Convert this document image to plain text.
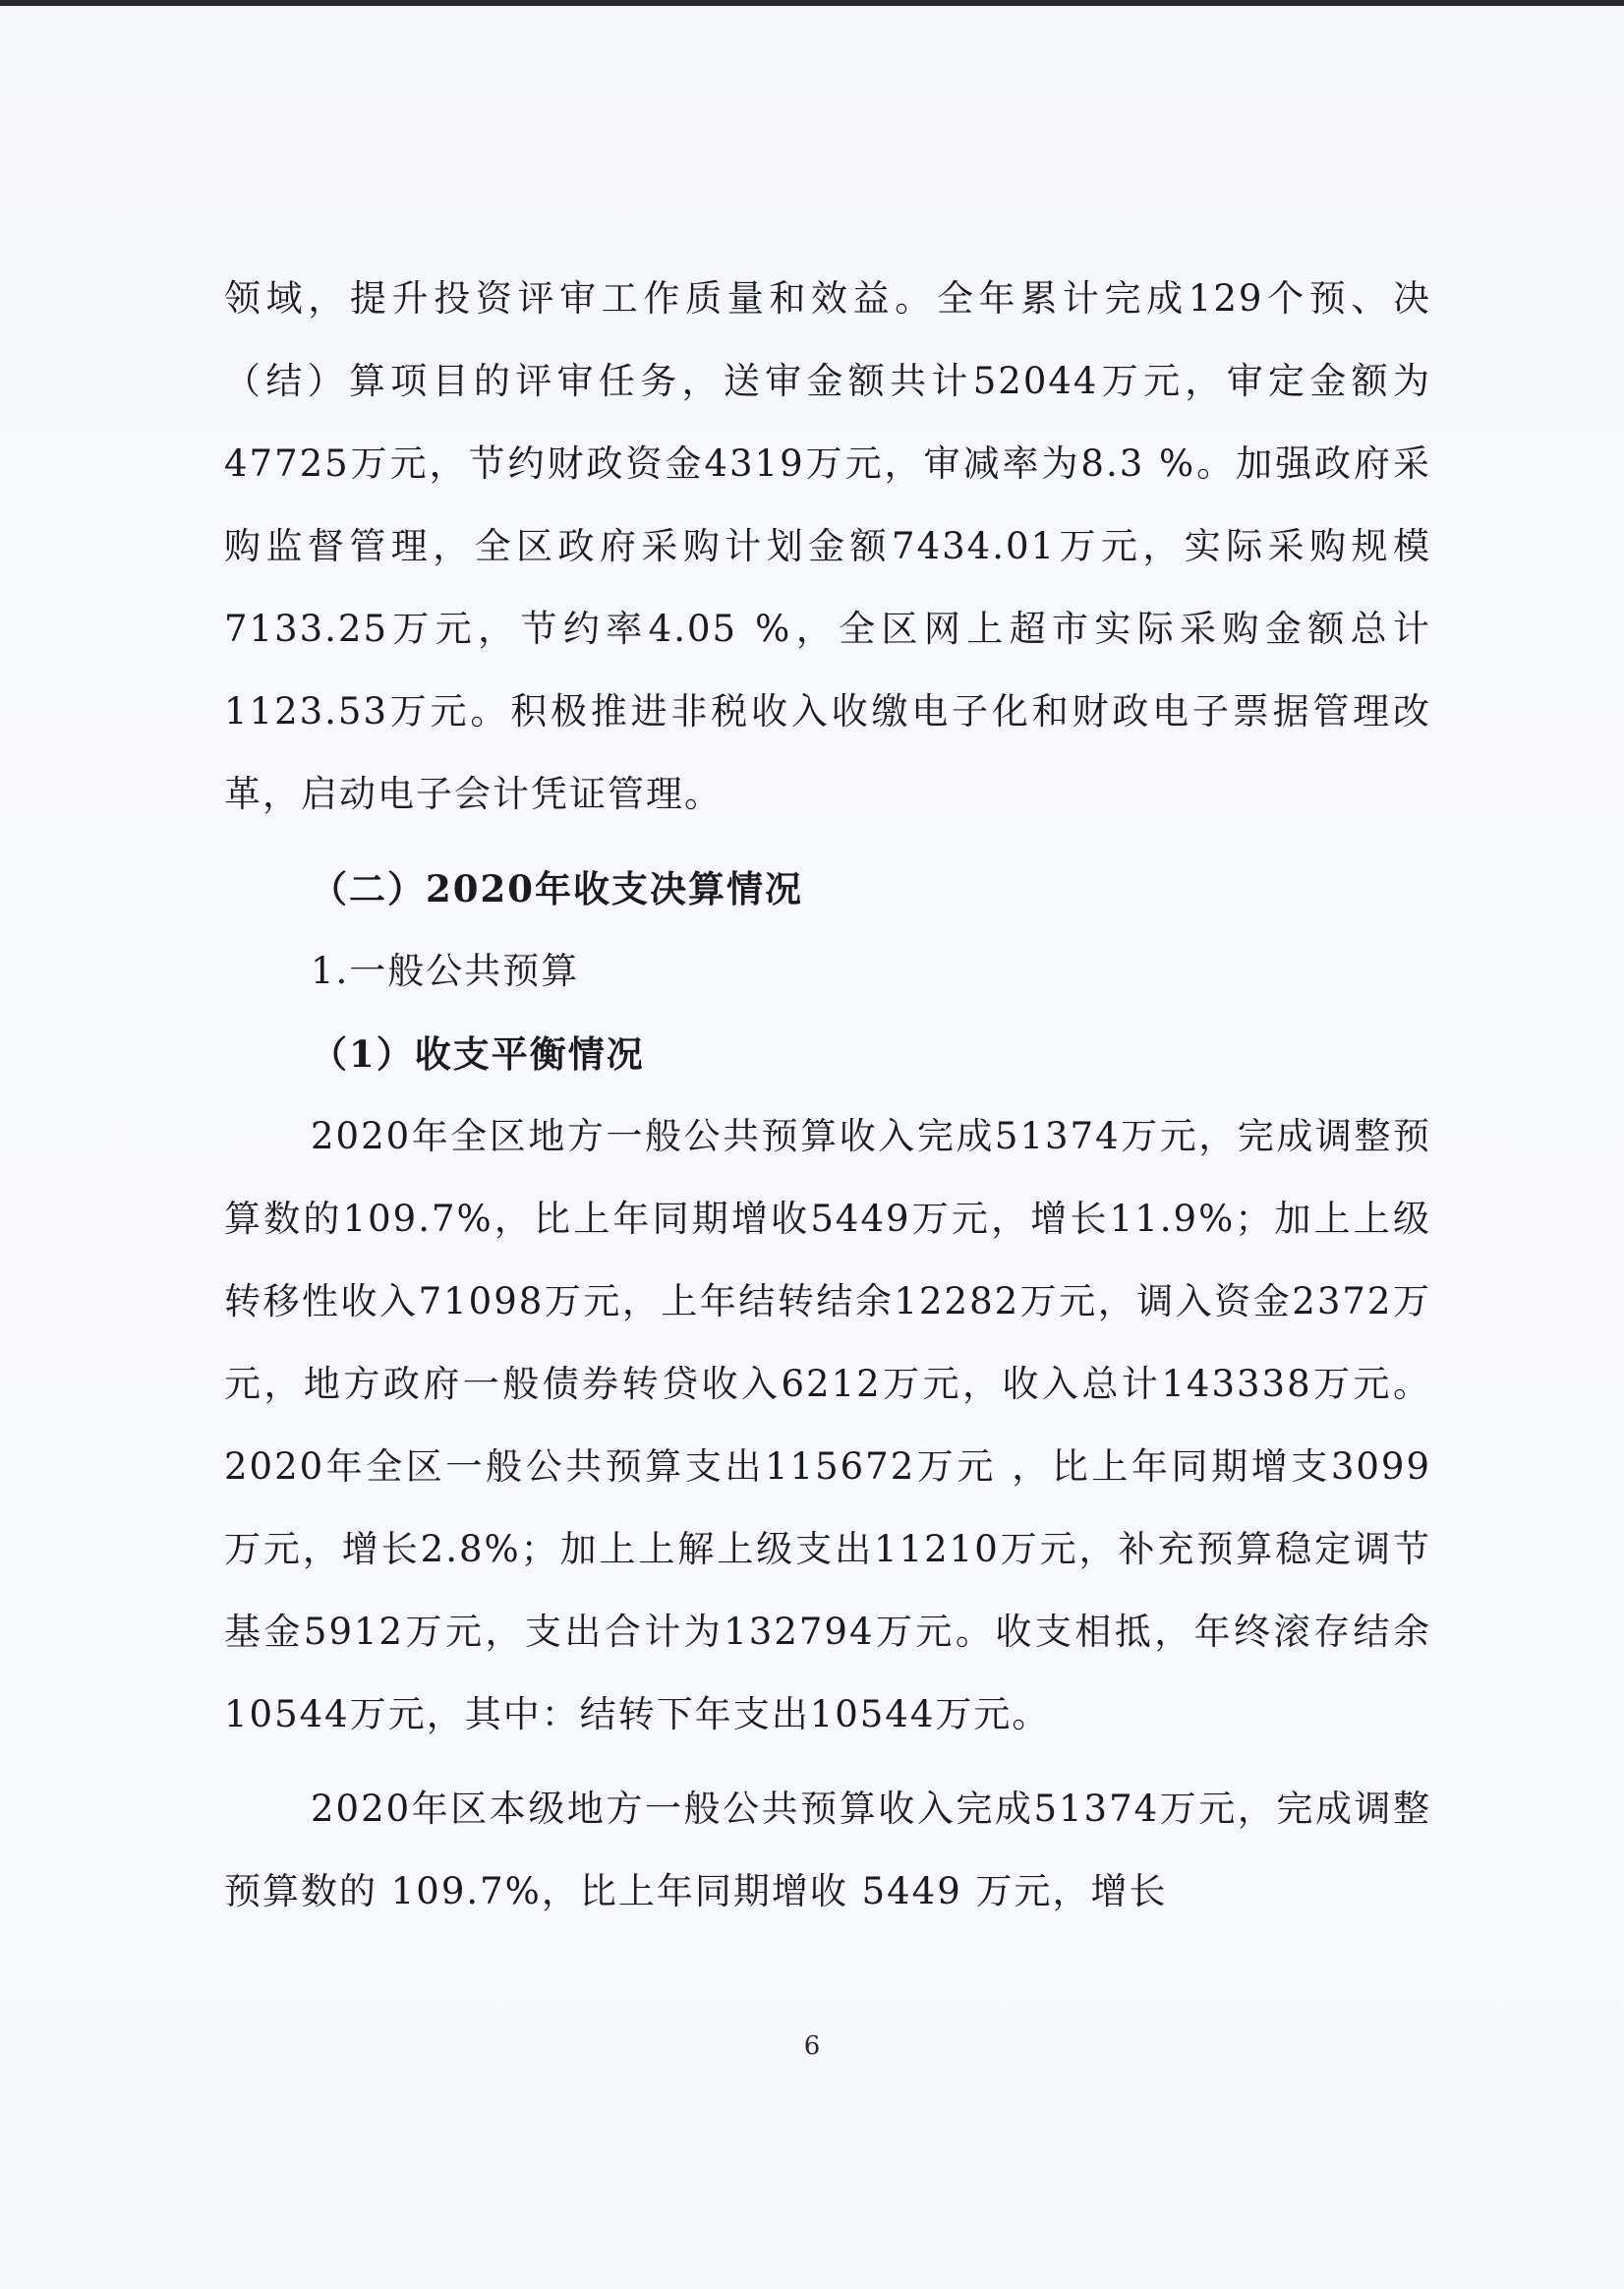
领域，提升投资评审工作质量和效益。全年累计完成129个预、决（结）算项目的评审任务，送审金额共计52044万元，审定金额为47725万元，节约财政资金4319万元，审减率为8.3 %。加强政府采购监督管理，全区政府采购计划金额7434.01万元，实际采购规模7133.25万元，节约率4.05 %，全区网上超市实际采购金额总计1123.53万元。积极推进非税收入收缴电子化和财政电子票据管理改革，启动电子会计凭证管理。

（二）2020年收支决算情况

1.一般公共预算

（1）收支平衡情况

2020年全区地方一般公共预算收入完成51374万元，完成调整预算数的109.7%，比上年同期增收5449万元，增长11.9%；加上上级转移性收入71098万元，上年结转结余12282万元，调入资金2372万元，地方政府一般债券转贷收入6212万元，收入总计143338万元。2020年全区一般公共预算支出115672万元 ，比上年同期增支3099万元，增长2.8%；加上上解上级支出11210万元，补充预算稳定调节基金5912万元，支出合计为132794万元。收支相抵，年终滚存结余10544万元，其中：结转下年支出10544万元。

2020年区本级地方一般公共预算收入完成51374万元，完成调整预算数的 109.7%，比上年同期增收 5449 万元，增长

6
